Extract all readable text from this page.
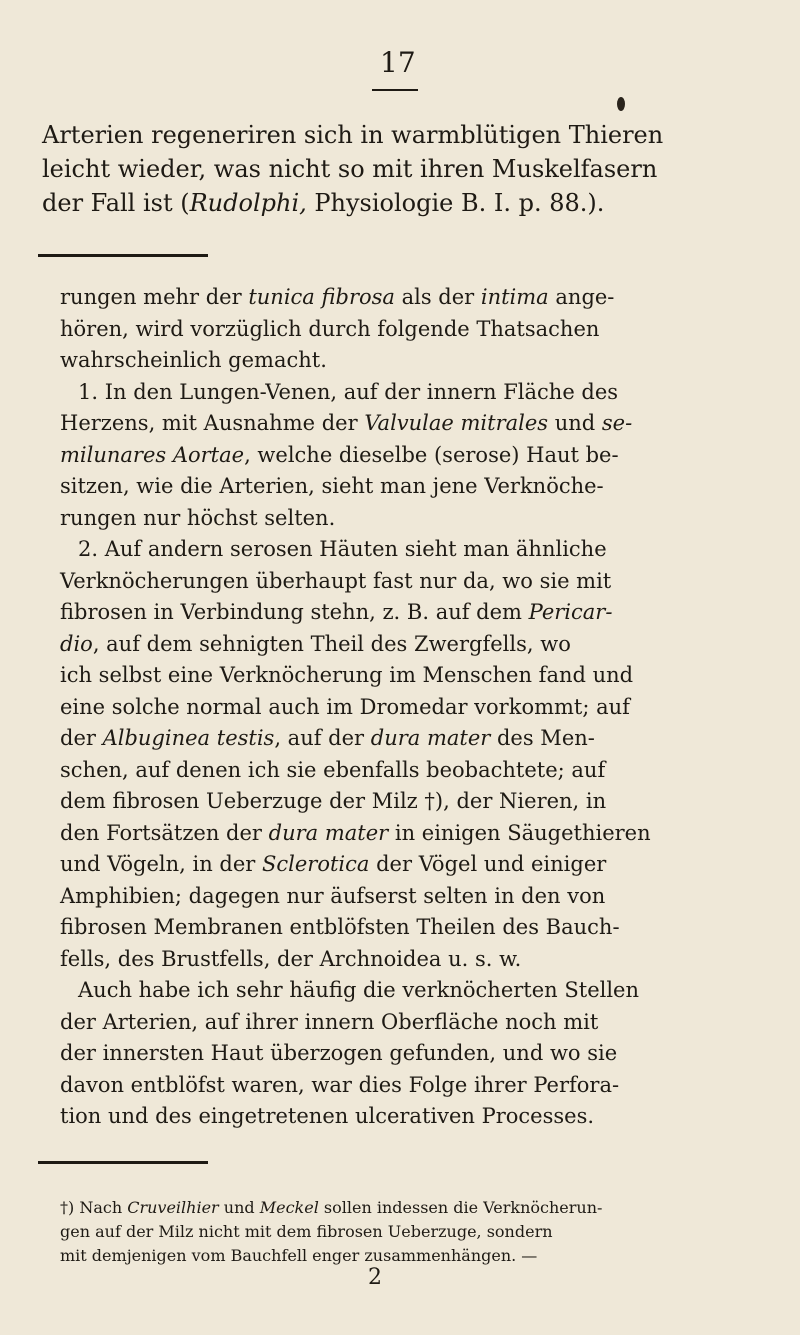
17

Arterien regeneriren sich in warmblütigen Thieren

leicht wieder, was nicht so mit ihren Muskelfasern

der Fall ist (Rudolphi, Physiologie B. I. p. 88.).

rungen mehr der tunica fibrosa als der intima ange-

hören, wird vorzüglich durch folgende Thatsachen

wahrscheinlich gemacht.

1. In den Lungen-Venen, auf der innern Fläche des

Herzens, mit Ausnahme der Valvulae mitrales und se-

milunares Aortae, welche dieselbe (serose) Haut be-

sitzen, wie die Arterien, sieht man jene Verknöche-

rungen nur höchst selten.

2. Auf andern serosen Häuten sieht man ähnliche

Verknöcherungen überhaupt fast nur da, wo sie mit

fibrosen in Verbindung stehn, z. B. auf dem Pericar-

dio, auf dem sehnigten Theil des Zwergfells, wo

ich selbst eine Verknöcherung im Menschen fand und

eine solche normal auch im Dromedar vorkommt; auf

der Albuginea testis, auf der dura mater des Men-

schen, auf denen ich sie ebenfalls beobachtete; auf

dem fibrosen Ueberzuge der Milz †), der Nieren, in

den Fortsätzen der dura mater in einigen Säugethieren

und Vögeln, in der Sclerotica der Vögel und einiger

Amphibien; dagegen nur äufserst selten in den von

fibrosen Membranen entblöfsten Theilen des Bauch-

fells, des Brustfells, der Archnoidea u. s. w.

Auch habe ich sehr häufig die verknöcherten Stellen

der Arterien, auf ihrer innern Oberfläche noch mit

der innersten Haut überzogen gefunden, und wo sie

davon entblöfst waren, war dies Folge ihrer Perfora-

tion und des eingetretenen ulcerativen Processes.

†) Nach Cruveilhier und Meckel sollen indessen die Verknöcherun-

gen auf der Milz nicht mit dem fibrosen Ueberzuge, sondern

mit demjenigen vom Bauchfell enger zusammenhängen. —

2
